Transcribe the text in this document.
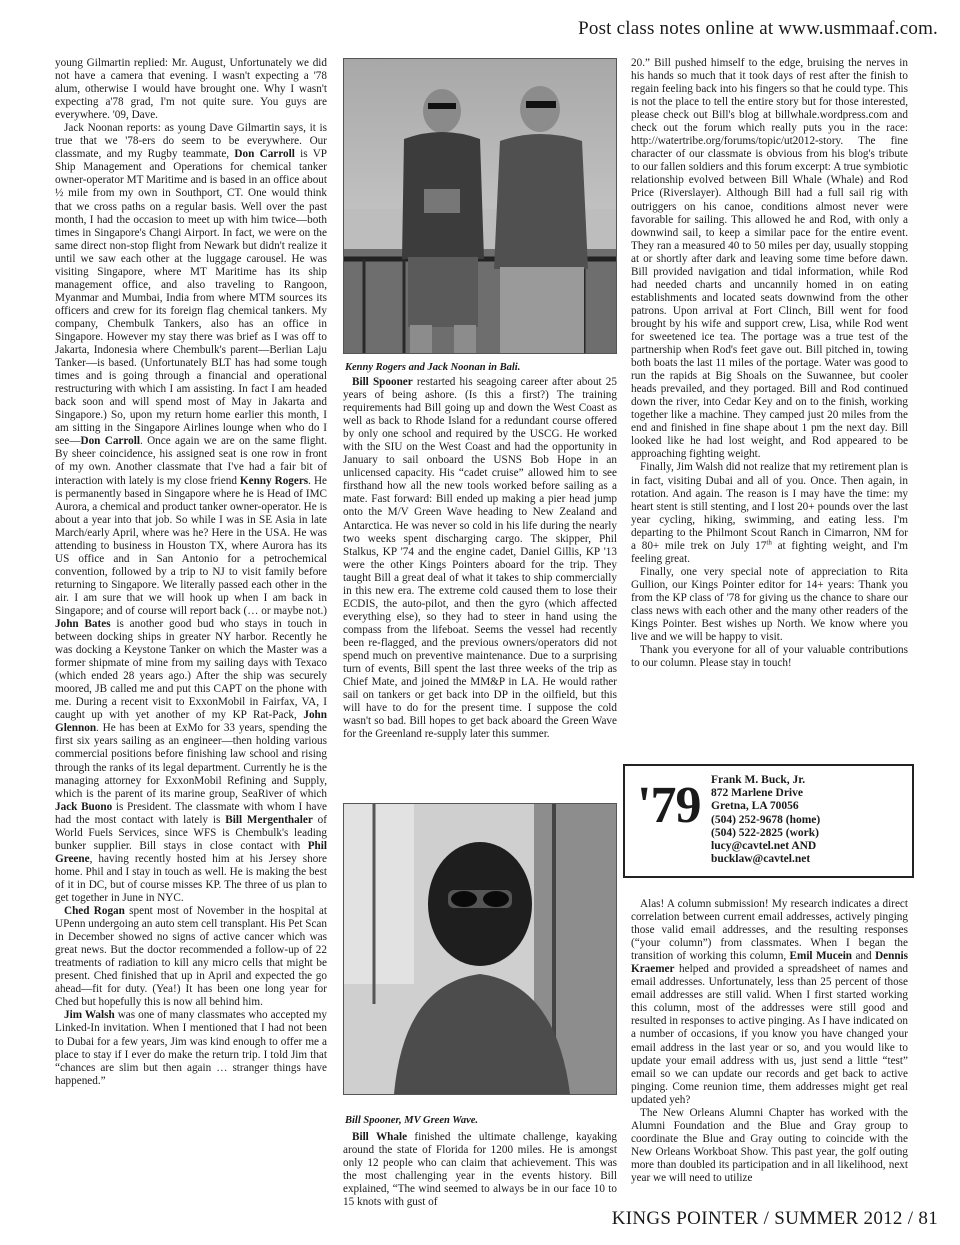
Post class notes online at www.usmmaaf.com.

young Gilmartin replied: Mr. August, Unfortunately we did not have a camera that evening. I wasn't expecting a '78 alum, otherwise I would have brought one. Why I wasn't expecting a'78 grad, I'm not quite sure. You guys are everywhere. '09, Dave.

Jack Noonan reports: as young Dave Gilmartin says, it is true that we '78-ers do seem to be everywhere. Our classmate, and my Rugby teammate, Don Carroll is VP Ship Management and Operations for chemical tanker owner-operator MT Maritime and is based in an office about ½ mile from my own in Southport, CT. One would think that we cross paths on a regular basis. Well over the past month, I had the occasion to meet up with him twice—both times in Singapore's Changi Airport. In fact, we were on the same direct non-stop flight from Newark but didn't realize it until we saw each other at the luggage carousel. He was visiting Singapore, where MT Maritime has its ship management office, and also traveling to Rangoon, Myanmar and Mumbai, India from where MTM sources its officers and crew for its foreign flag chemical tankers. My company, Chembulk Tankers, also has an office in Singapore. However my stay there was brief as I was off to Jakarta, Indonesia where Chembulk's parent—Berlian Laju Tanker—is based. (Unfortunately BLT has had some tough times and is going through a financial and operational restructuring with which I am assisting. In fact I am headed back soon and will spend most of May in Jakarta and Singapore.) So, upon my return home earlier this month, I am sitting in the Singapore Airlines lounge when who do I see—Don Carroll. Once again we are on the same flight. By sheer coincidence, his assigned seat is one row in front of my own. Another classmate that I've had a fair bit of interaction with lately is my close friend Kenny Rogers. He is permanently based in Singapore where he is Head of IMC Aurora, a chemical and product tanker owner-operator. He is about a year into that job. So while I was in SE Asia in late March/early April, where was he? Here in the USA. He was attending to business in Houston TX, where Aurora has its US office and in San Antonio for a petrochemical convention, followed by a trip to NJ to visit family before returning to Singapore. We literally passed each other in the air. I am sure that we will hook up when I am back in Singapore; and of course will report back (… or maybe not.) John Bates is another good bud who stays in touch in between docking ships in greater NY harbor. Recently he was docking a Keystone Tanker on which the Master was a former shipmate of mine from my sailing days with Texaco (which ended 28 years ago.) After the ship was securely moored, JB called me and put this CAPT on the phone with me. During a recent visit to ExxonMobil in Fairfax, VA, I caught up with yet another of my KP Rat-Pack, John Glennon. He has been at ExMo for 33 years, spending the first six years sailing as an engineer—then holding various commercial positions before finishing law school and rising through the ranks of its legal department. Currently he is the managing attorney for ExxonMobil Refining and Supply, which is the parent of its marine group, SeaRiver of which Jack Buono is President. The classmate with whom I have had the most contact with lately is Bill Mergenthaler of World Fuels Services, since WFS is Chembulk's leading bunker supplier. Bill stays in close contact with Phil Greene, having recently hosted him at his Jersey shore home. Phil and I stay in touch as well. He is making the best of it in DC, but of course misses KP. The three of us plan to get together in June in NYC.

Ched Rogan spent most of November in the hospital at UPenn undergoing an auto stem cell transplant. His Pet Scan in December showed no signs of active cancer which was great news. But the doctor recommended a follow-up of 22 treatments of radiation to kill any micro cells that might be present. Ched finished that up in April and expected the go ahead—fit for duty. (Yea!) It has been one long year for Ched but hopefully this is now all behind him.

Jim Walsh was one of many classmates who accepted my Linked-In invitation. When I mentioned that I had not been to Dubai for a few years, Jim was kind enough to offer me a place to stay if I ever do make the return trip. I told Jim that “chances are slim but then again … stranger things have happened.”

Kenny Rogers and Jack Noonan in Bali.

Bill Spooner restarted his seagoing career after about 25 years of being ashore. (Is this a first?) The training requirements had Bill going up and down the West Coast as well as back to Rhode Island for a redundant course offered by only one school and required by the USCG. He worked with the SIU on the West Coast and had the opportunity in January to sail onboard the USNS Bob Hope in an unlicensed capacity. His “cadet cruise” allowed him to see firsthand how all the new tools worked before sailing as a mate. Fast forward: Bill ended up making a pier head jump onto the M/V Green Wave heading to New Zealand and Antarctica. He was never so cold in his life during the nearly two weeks spent discharging cargo. The skipper, Phil Stalkus, KP '74 and the engine cadet, Daniel Gillis, KP '13 were the other Kings Pointers aboard for the trip. They taught Bill a great deal of what it takes to ship commercially in this new era. The extreme cold caused them to lose their ECDIS, the auto-pilot, and then the gyro (which affected everything else), so they had to steer in hand using the compass from the lifeboat. Seems the vessel had recently been re-flagged, and the previous owners/operators did not spend much on preventive maintenance. Due to a surprising turn of events, Bill spent the last three weeks of the trip as Chief Mate, and joined the MM&P in LA. He would rather sail on tankers or get back into DP in the oilfield, but this will have to do for the present time. I suppose the cold wasn't so bad. Bill hopes to get back aboard the Green Wave for the Greenland re-supply later this summer.

Bill Spooner, MV Green Wave.

Bill Whale finished the ultimate challenge, kayaking around the state of Florida for 1200 miles. He is amongst only 12 people who can claim that achievement. This was the most challenging year in the events history. Bill explained, “The wind seemed to always be in our face 10 to 15 knots with gust of

20.” Bill pushed himself to the edge, bruising the nerves in his hands so much that it took days of rest after the finish to regain feeling back into his fingers so that he could type. This is not the place to tell the entire story but for those interested, please check out Bill's blog at billwhale.wordpress.com and check out the forum which really puts you in the race: http://watertribe.org/forums/topic/ut2012-story. The fine character of our classmate is obvious from his blog's tribute to our fallen soldiers and this forum excerpt: A true symbiotic relationship evolved between Bill Whale (Whale) and Rod Price (Riverslayer). Although Bill had a full sail rig with outriggers on his canoe, conditions almost never were favorable for sailing. This allowed he and Rod, with only a downwind sail, to keep a similar pace for the entire event. They ran a measured 40 to 50 miles per day, usually stopping at or shortly after dark and leaving some time before dawn. Bill provided navigation and tidal information, while Rod had needed charts and uncannily homed in on eating establishments and located seats downwind from the other patrons. Upon arrival at Fort Clinch, Bill went for food brought by his wife and support crew, Lisa, while Rod went for sweetened ice tea. The portage was a true test of the partnership when Rod's feet gave out. Bill pitched in, towing both boats the last 11 miles of the portage. Water was good to run the rapids at Big Shoals on the Suwannee, but cooler heads prevailed, and they portaged. Bill and Rod continued down the river, into Cedar Key and on to the finish, working together like a machine. They camped just 20 miles from the end and finished in fine shape about 1 pm the next day. Bill looked like he had lost weight, and Rod appeared to be approaching fighting weight.

Finally, Jim Walsh did not realize that my retirement plan is in fact, visiting Dubai and all of you. Once. Then again, in rotation. And again. The reason is I may have the time: my heart stent is still stenting, and I lost 20+ pounds over the last year cycling, hiking, swimming, and eating less. I'm departing to the Philmont Scout Ranch in Cimarron, NM for a 80+ mile trek on July 17th at fighting weight, and I'm feeling great.

Finally, one very special note of appreciation to Rita Gullion, our Kings Pointer editor for 14+ years: Thank you from the KP class of '78 for giving us the chance to share our class news with each other and the many other readers of the Kings Pointer. Best wishes up North. We know where you live and we will be happy to visit.

Thank you everyone for all of your valuable contributions to our column. Please stay in touch!

'79 Frank M. Buck, Jr.
872 Marlene Drive
Gretna, LA 70056
(504) 252-9678 (home)
(504) 522-2825 (work)
lucy@cavtel.net AND
bucklaw@cavtel.net

Alas! A column submission! My research indicates a direct correlation between current email addresses, actively pinging those valid email addresses, and the resulting responses (“your column”) from classmates. When I began the transition of working this column, Emil Mucein and Dennis Kraemer helped and provided a spreadsheet of names and email addresses. Unfortunately, less than 25 percent of those email addresses are still valid. When I first started working this column, most of the addresses were still good and resulted in responses to active pinging. As I have indicated on a number of occasions, if you know you have changed your email address in the last year or so, and you would like to update your email address with us, just send a little “test” email so we can update our records and get back to active pinging. Come reunion time, them addresses might get real updated yeh?

The New Orleans Alumni Chapter has worked with the Alumni Foundation and the Blue and Gray group to coordinate the Blue and Gray outing to coincide with the New Orleans Workboat Show. This past year, the golf outing more than doubled its participation and in all likelihood, next year we will need to utilize

KINGS POINTER / SUMMER 2012 / 81
